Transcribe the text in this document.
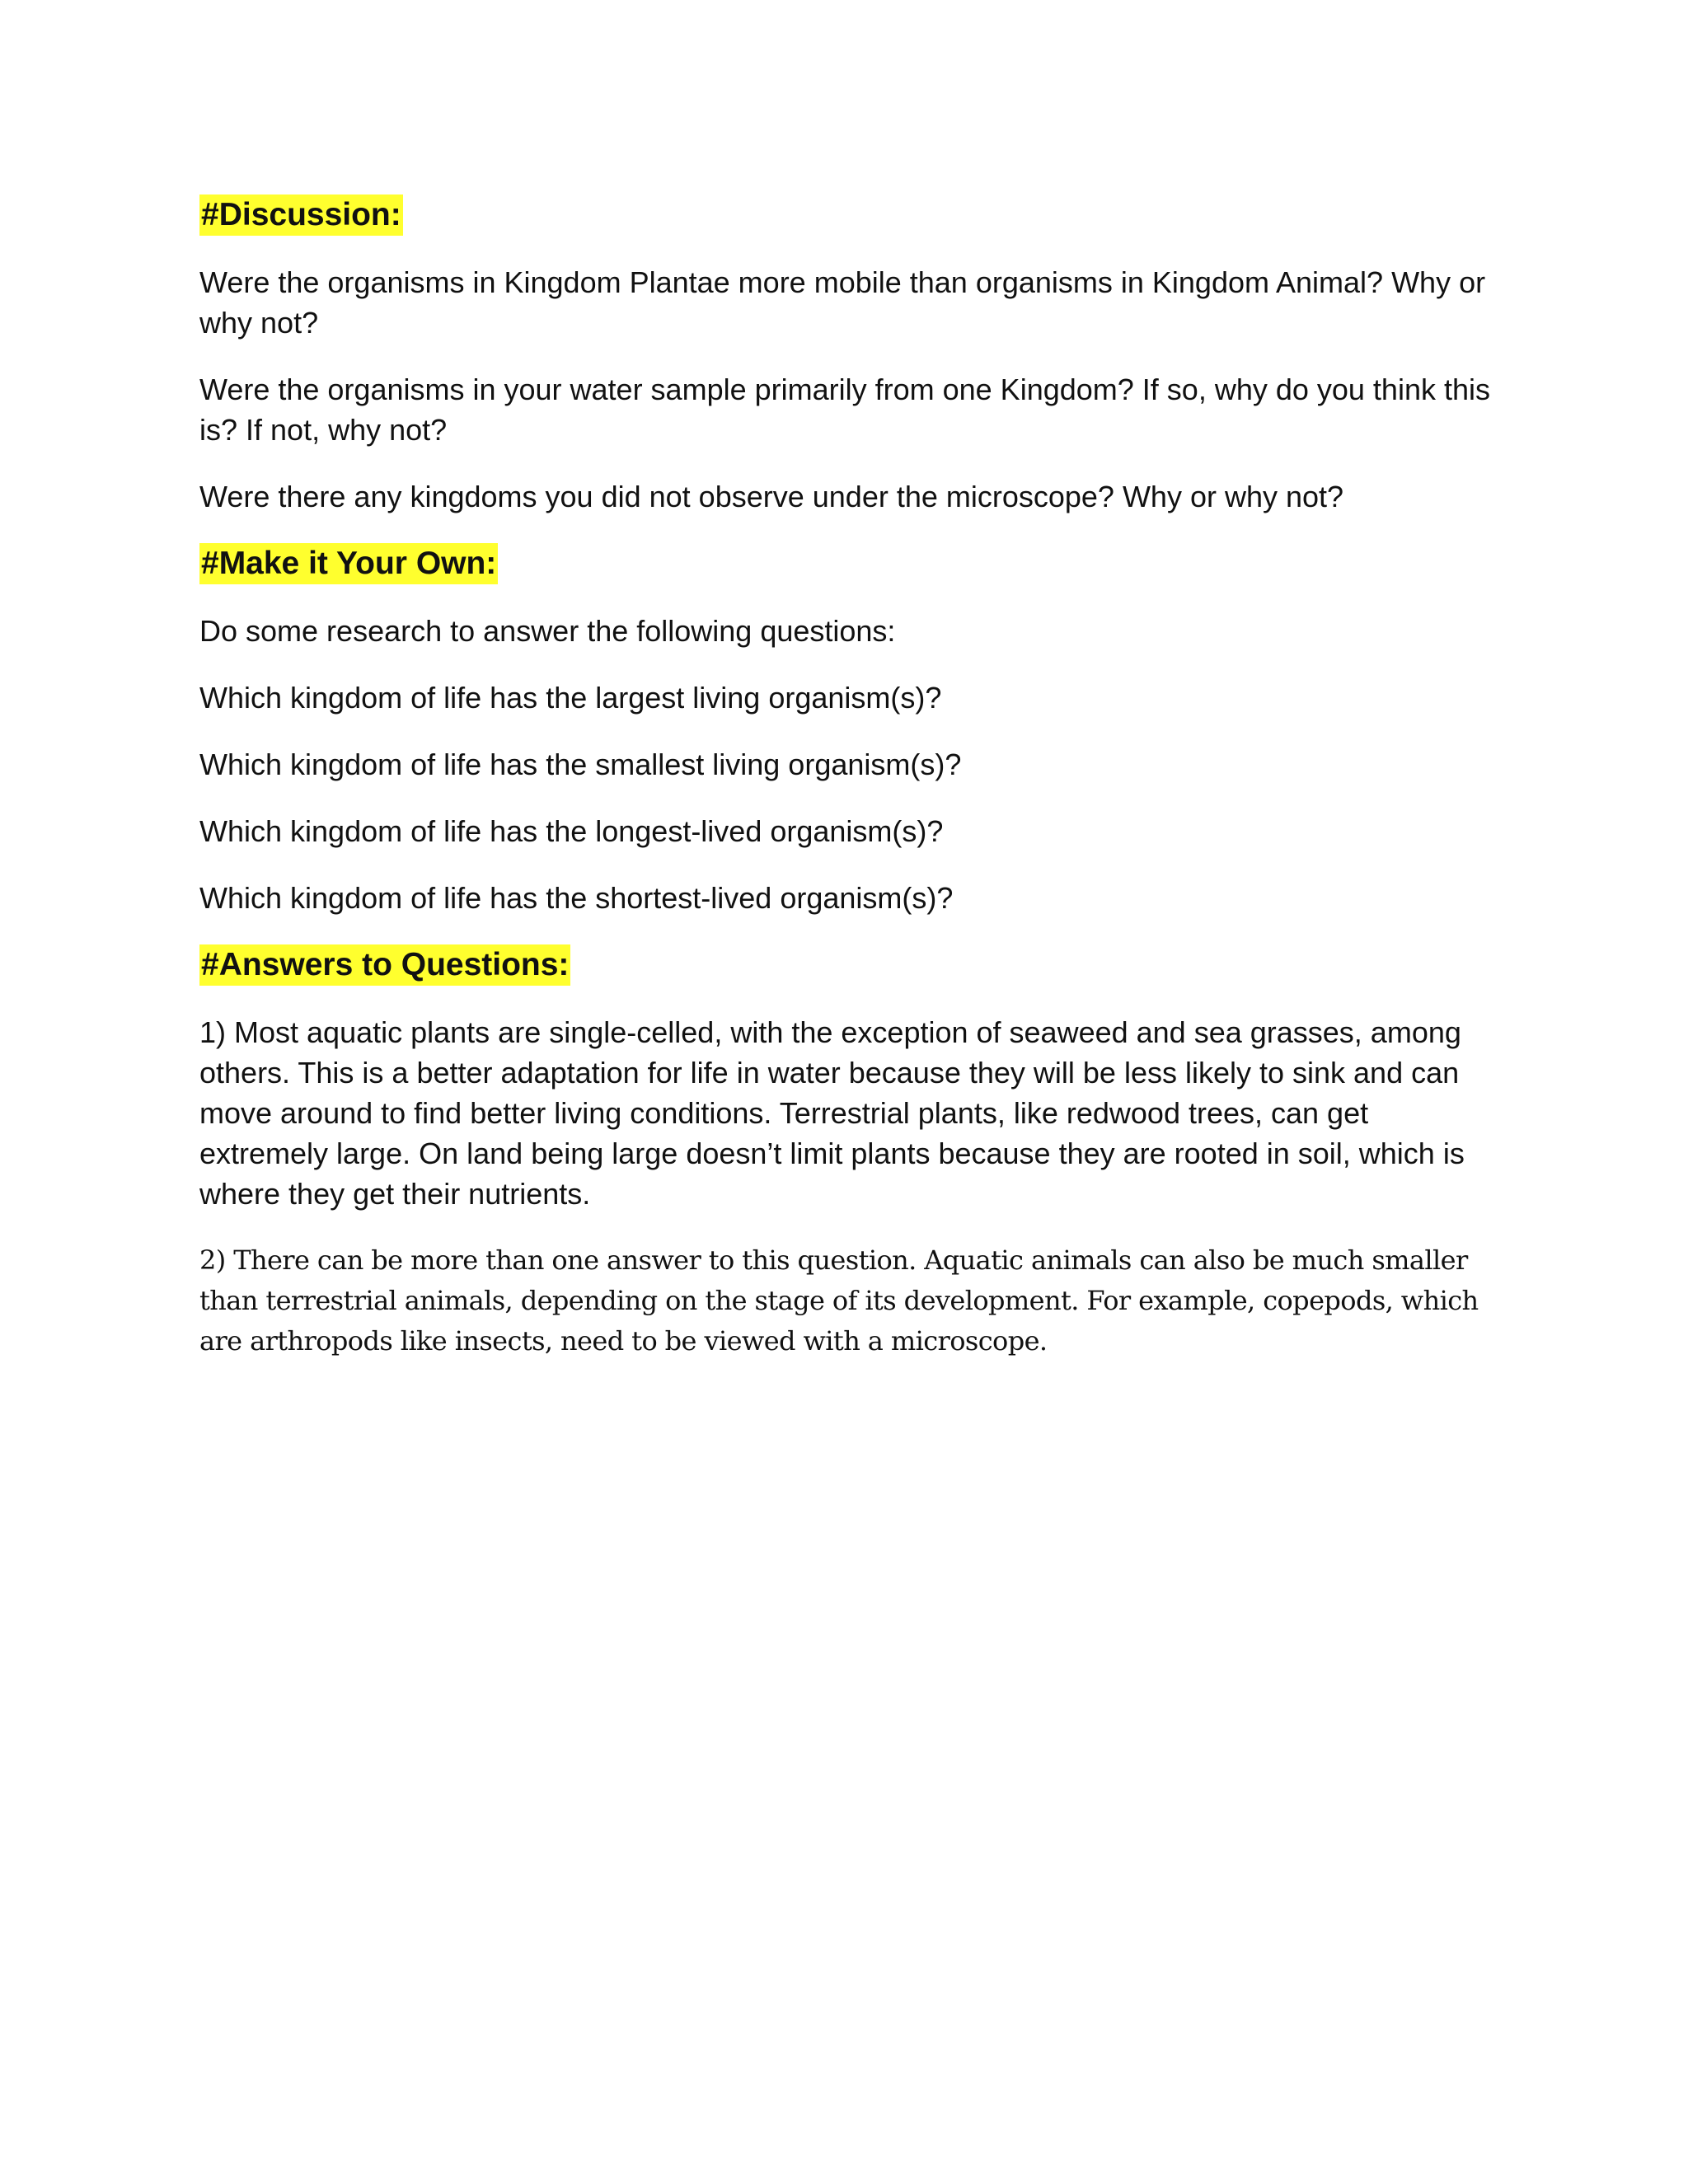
#Discussion:

Were the organisms in Kingdom Plantae more mobile than organisms in Kingdom Animal? Why or why not?

Were the organisms in your water sample primarily from one Kingdom? If so, why do you think this is? If not, why not?

Were there any kingdoms you did not observe under the microscope? Why or why not?

#Make it Your Own:

Do some research to answer the following questions:

Which kingdom of life has the largest living organism(s)?

Which kingdom of life has the smallest living organism(s)?

Which kingdom of life has the longest-lived organism(s)?

Which kingdom of life has the shortest-lived organism(s)?

#Answers to Questions:

1) Most aquatic plants are single-celled, with the exception of seaweed and sea grasses, among others. This is a better adaptation for life in water because they will be less likely to sink and can move around to find better living conditions. Terrestrial plants, like redwood trees, can get extremely large. On land being large doesn’t limit plants because they are rooted in soil, which is where they get their nutrients.

2) There can be more than one answer to this question. Aquatic animals can also be much smaller than terrestrial animals, depending on the stage of its development. For example, copepods, which are arthropods like insects, need to be viewed with a microscope.
